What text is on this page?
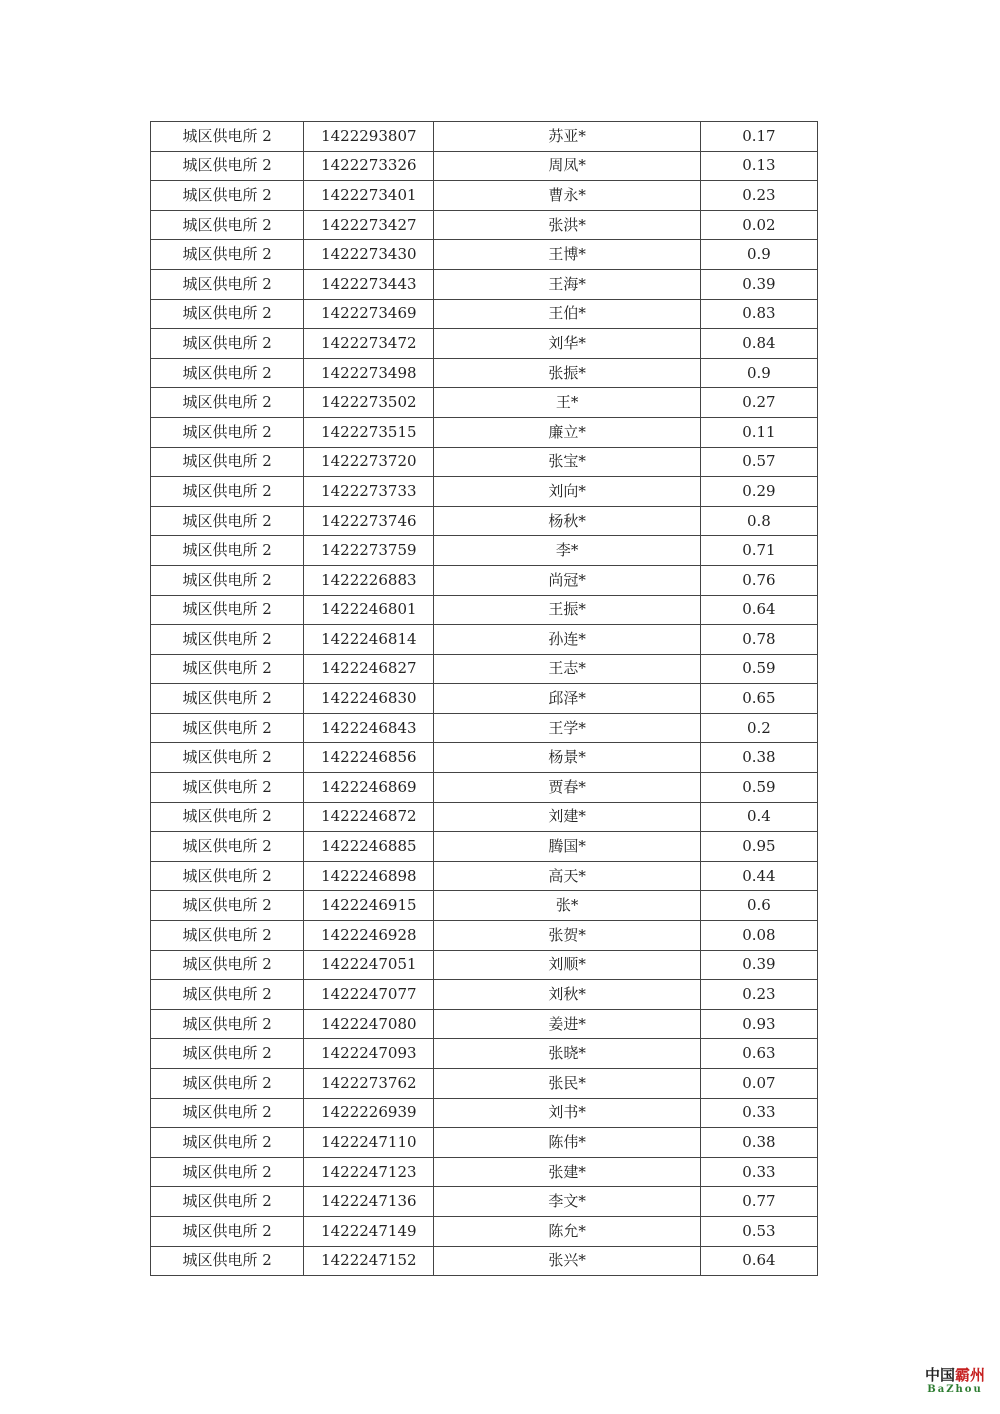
城区供电所 2	1422293807	苏亚*	0.17
城区供电所 2	1422273326	周凤*	0.13
城区供电所 2	1422273401	曹永*	0.23
城区供电所 2	1422273427	张洪*	0.02
城区供电所 2	1422273430	王博*	0.9
城区供电所 2	1422273443	王海*	0.39
城区供电所 2	1422273469	王伯*	0.83
城区供电所 2	1422273472	刘华*	0.84
城区供电所 2	1422273498	张振*	0.9
城区供电所 2	1422273502	王*	0.27
城区供电所 2	1422273515	廉立*	0.11
城区供电所 2	1422273720	张宝*	0.57
城区供电所 2	1422273733	刘向*	0.29
城区供电所 2	1422273746	杨秋*	0.8
城区供电所 2	1422273759	李*	0.71
城区供电所 2	1422226883	尚冠*	0.76
城区供电所 2	1422246801	王振*	0.64
城区供电所 2	1422246814	孙连*	0.78
城区供电所 2	1422246827	王志*	0.59
城区供电所 2	1422246830	邱泽*	0.65
城区供电所 2	1422246843	王学*	0.2
城区供电所 2	1422246856	杨景*	0.38
城区供电所 2	1422246869	贾春*	0.59
城区供电所 2	1422246872	刘建*	0.4
城区供电所 2	1422246885	腾国*	0.95
城区供电所 2	1422246898	高天*	0.44
城区供电所 2	1422246915	张*	0.6
城区供电所 2	1422246928	张贺*	0.08
城区供电所 2	1422247051	刘顺*	0.39
城区供电所 2	1422247077	刘秋*	0.23
城区供电所 2	1422247080	姜进*	0.93
城区供电所 2	1422247093	张晓*	0.63
城区供电所 2	1422273762	张民*	0.07
城区供电所 2	1422226939	刘书*	0.33
城区供电所 2	1422247110	陈伟*	0.38
城区供电所 2	1422247123	张建*	0.33
城区供电所 2	1422247136	李文*	0.77
城区供电所 2	1422247149	陈允*	0.53
城区供电所 2	1422247152	张兴*	0.64
中国霸州
BaZhou
